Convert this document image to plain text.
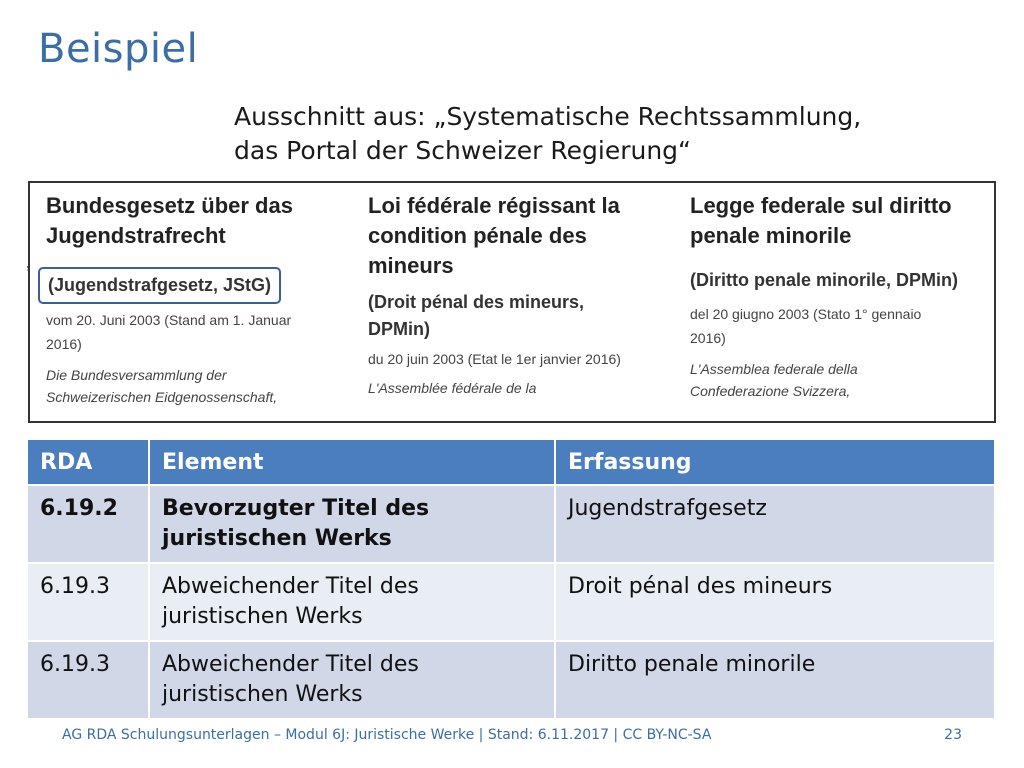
Beispiel
Ausschnitt aus: „Systematische Rechtssammlung,
das Portal der Schweizer Regierung“
’
Bundesgesetz über das
Jugendstrafrecht
(Jugendstrafgesetz, JStG)
vom 20. Juni 2003 (Stand am 1. Januar
2016)
Die Bundesversammlung der
Schweizerischen Eidgenossenschaft,
Loi fédérale régissant la
condition pénale des
mineurs
(Droit pénal des mineurs,
DPMin)
du 20 juin 2003 (Etat le 1er janvier 2016)
L'Assemblée fédérale de la
Legge federale sul diritto
penale minorile
(Diritto penale minorile, DPMin)
del 20 giugno 2003 (Stato 1° gennaio
2016)
L'Assemblea federale della
Confederazione Svizzera,
RDA	Element	Erfassung
6.19.2	Bevorzugter Titel des
juristischen Werks	Jugendstrafgesetz
6.19.3	Abweichender Titel des
juristischen Werks	Droit pénal des mineurs
6.19.3	Abweichender Titel des
juristischen Werks	Diritto penale minorile
AG RDA Schulungsunterlagen – Modul 6J: Juristische Werke | Stand: 6.11.2017 | CC BY-NC-SA	23
